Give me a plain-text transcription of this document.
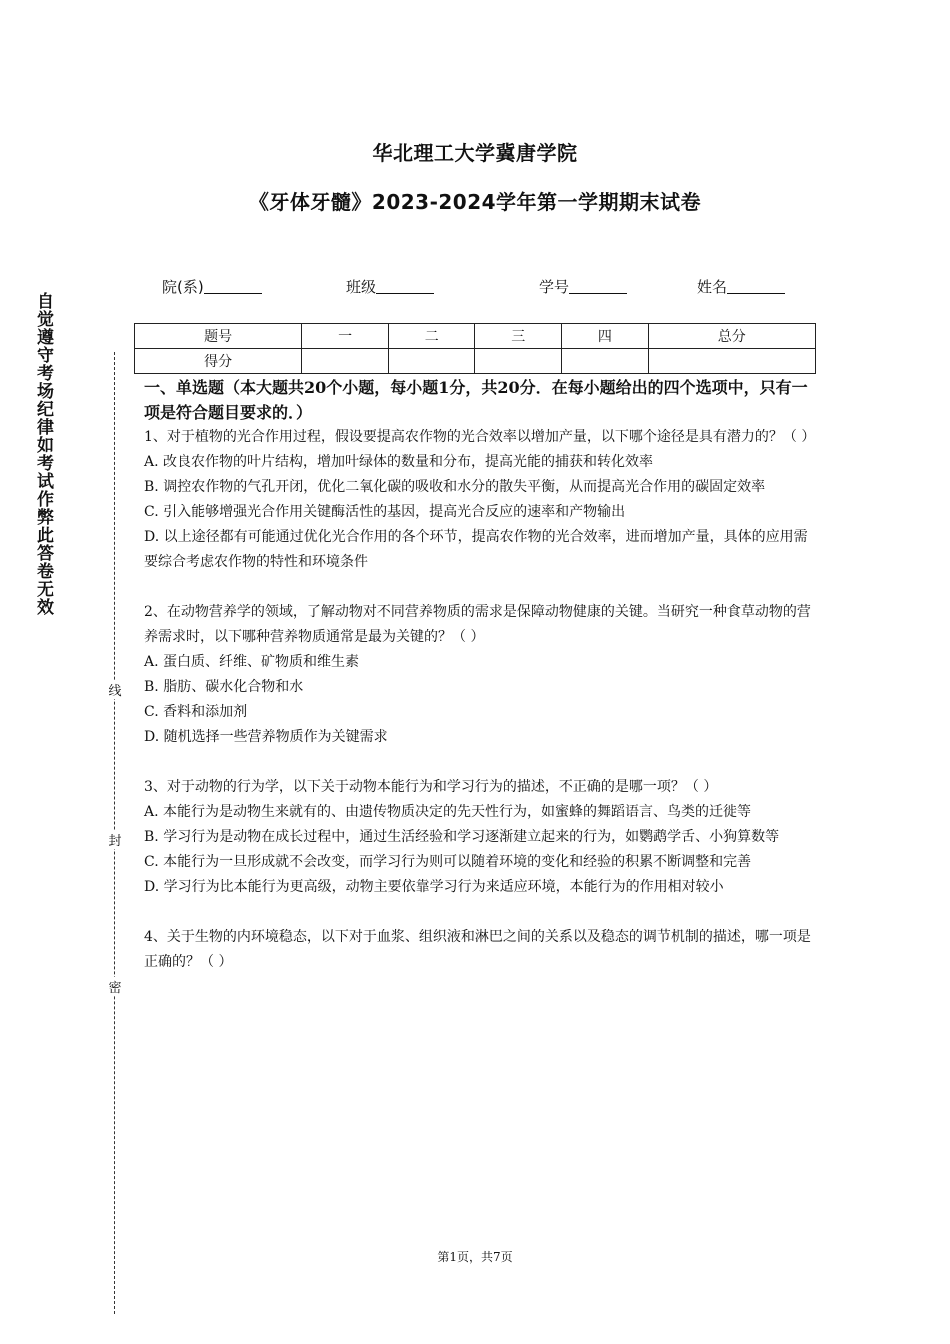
华北理工大学冀唐学院
《牙体牙髓》2023-2024学年第一学期期末试卷
院(系)	班级	学号	姓名
题号	一	二	三	四	总分
得分					
自觉遵守考场纪律如考试作弊此答卷无效
线
封
密

一、单选题（本大题共20个小题，每小题1分，共20分．在每小题给出的四个选项中，只有一项是符合题目要求的．）

1、对于植物的光合作用过程，假设要提高农作物的光合效率以增加产量，以下哪个途径是具有潜力的？（ ）

A. 改良农作物的叶片结构，增加叶绿体的数量和分布，提高光能的捕获和转化效率

B. 调控农作物的气孔开闭，优化二氧化碳的吸收和水分的散失平衡，从而提高光合作用的碳固定效率

C. 引入能够增强光合作用关键酶活性的基因，提高光合反应的速率和产物输出

D. 以上途径都有可能通过优化光合作用的各个环节，提高农作物的光合效率，进而增加产量，具体的应用需要综合考虑农作物的特性和环境条件

2、在动物营养学的领域，了解动物对不同营养物质的需求是保障动物健康的关键。当研究一种食草动物的营养需求时，以下哪种营养物质通常是最为关键的？（ ）

A. 蛋白质、纤维、矿物质和维生素

B. 脂肪、碳水化合物和水

C. 香料和添加剂

D. 随机选择一些营养物质作为关键需求

3、对于动物的行为学，以下关于动物本能行为和学习行为的描述，不正确的是哪一项？（ ）

A. 本能行为是动物生来就有的、由遗传物质决定的先天性行为，如蜜蜂的舞蹈语言、鸟类的迁徙等

B. 学习行为是动物在成长过程中，通过生活经验和学习逐渐建立起来的行为，如鹦鹉学舌、小狗算数等

C. 本能行为一旦形成就不会改变，而学习行为则可以随着环境的变化和经验的积累不断调整和完善

D. 学习行为比本能行为更高级，动物主要依靠学习行为来适应环境，本能行为的作用相对较小

4、关于生物的内环境稳态，以下对于血浆、组织液和淋巴之间的关系以及稳态的调节机制的描述，哪一项是正确的？（ ）

第1页，共7页
